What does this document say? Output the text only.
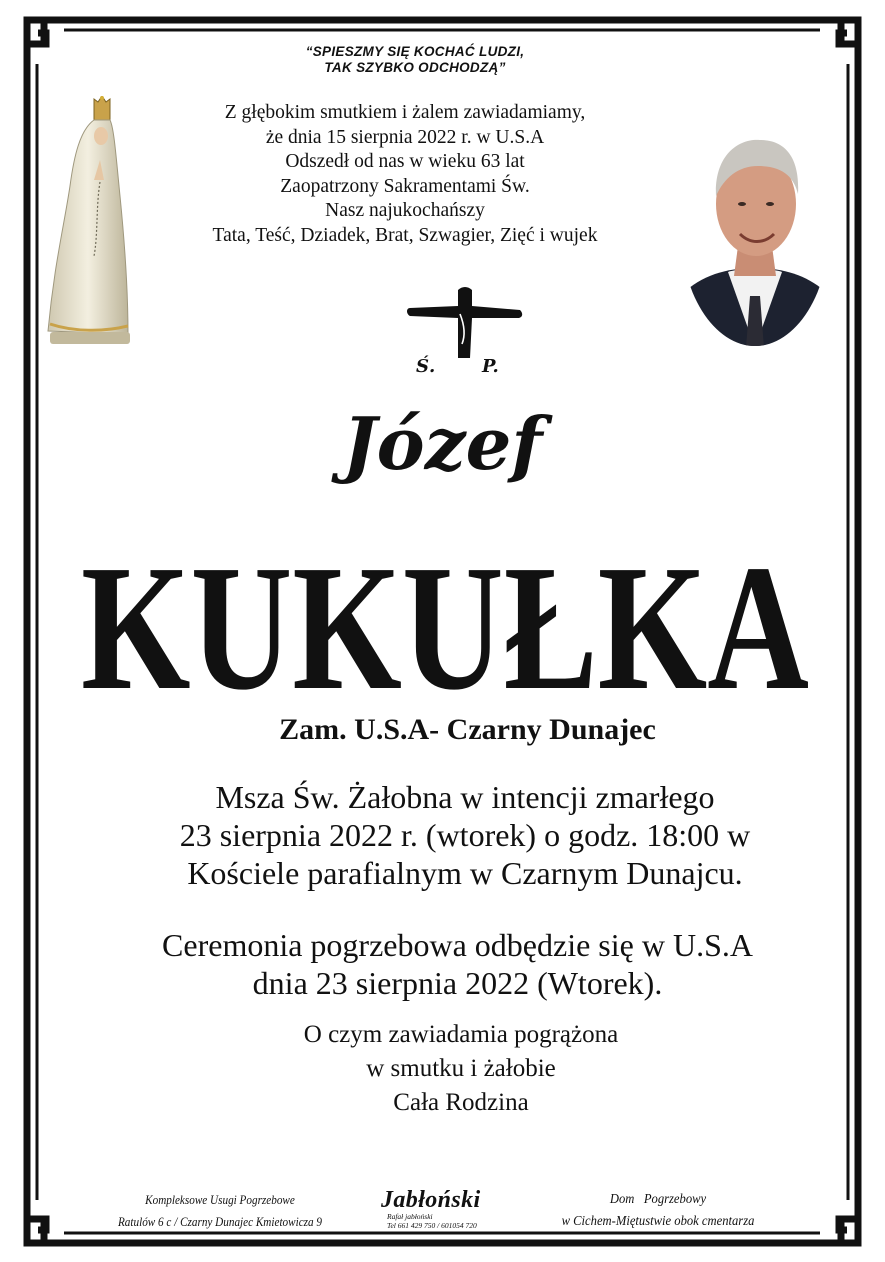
“SPIESZMY SIĘ KOCHAĆ LUDZI,
TAK SZYBKO ODCHODZĄ”
Z głębokim smutkiem i żalem zawiadamiamy,
że dnia 15 sierpnia 2022 r. w U.S.A
Odszedł od nas w wieku 63 lat
Zaopatrzony Sakramentami Św.
Nasz najukochańszy
Tata, Teść, Dziadek, Brat, Szwagier, Zięć i wujek
Ś.	P.
Ś. P.
Józef
KUKUŁKA
Zam. U.S.A- Czarny Dunajec
Msza Św. Żałobna w intencji zmarłego
23 sierpnia 2022 r. (wtorek) o godz. 18:00 w
Kościele parafialnym w Czarnym Dunajcu.
Ceremonia pogrzebowa odbędzie się w U.S.A
dnia 23 sierpnia 2022 (Wtorek).
O czym zawiadamia pogrążona
w smutku i żałobie
Cała Rodzina
Kompleksowe Usugi Pogrzebowe
Ratulów 6 c / Czarny Dunajec Kmietowicza 9
Jabłoński
Rafał jabłoński
Tel 661 429 750 / 601054 720
Dom   Pogrzebowy
w Cichem-Miętustwie obok cmentarza
